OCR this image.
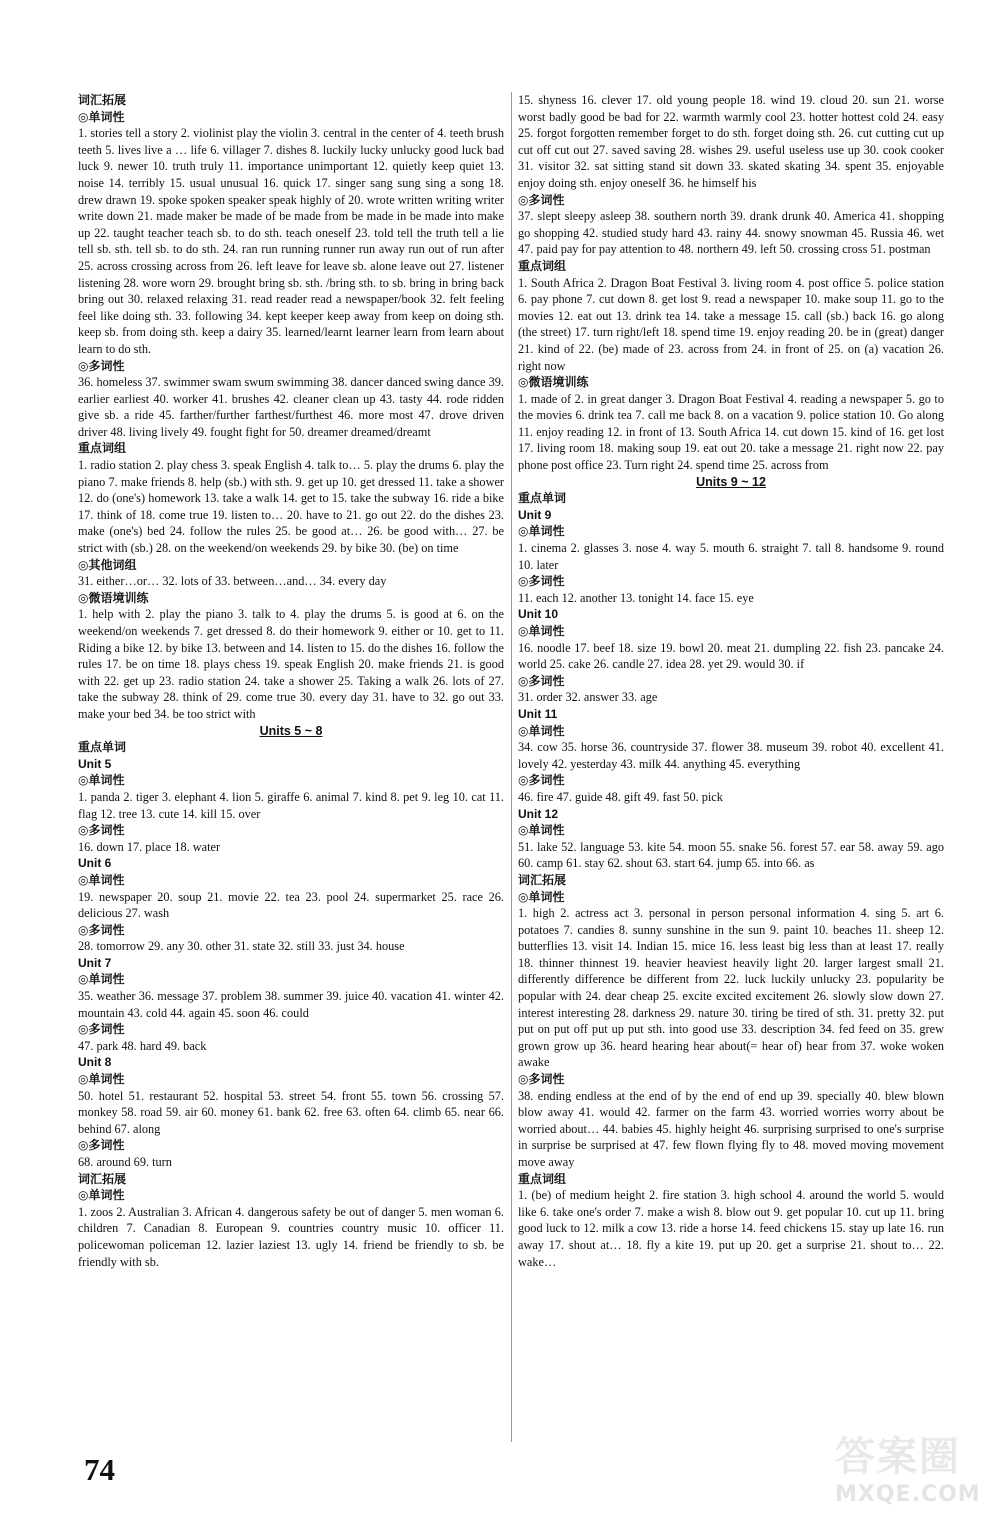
词汇拓展
◎单词性

1. stories tell a story 2. violinist play the violin 3. central in the center of 4. teeth brush teeth 5. lives live a … life 6. villager 7. dishes 8. luckily lucky unlucky good luck bad luck 9. newer 10. truth truly 11. importance unimportant 12. quietly keep quiet 13. noise 14. terribly 15. usual unusual 16. quick 17. singer sang sung sing a song 18. drew drawn 19. spoke spoken speaker speak highly of 20. wrote written writing writer write down 21. made maker be made of be made from be made in be made into make up 22. taught teacher teach sb. to do sth. teach oneself 23. told tell the truth tell a lie tell sb. sth. tell sb. to do sth. 24. ran run running runner run away run out of run after 25. across crossing across from 26. left leave for leave sb. alone leave out 27. listener listening 28. wore worn 29. brought bring sb. sth. /bring sth. to sb. bring in bring back bring out 30. relaxed relaxing 31. read reader read a newspaper/book 32. felt feeling feel like doing sth. 33. following 34. kept keeper keep away from keep on doing sth. keep sb. from doing sth. keep a dairy 35. learned/learnt learner learn from learn about learn to do sth.

◎多词性

36. homeless 37. swimmer swam swum swimming 38. dancer danced swing dance 39. earlier earliest 40. worker 41. brushes 42. cleaner clean up 43. tasty 44. rode ridden give sb. a ride 45. farther/further farthest/furthest 46. more most 47. drove driven driver 48. living lively 49. fought fight for 50. dreamer dreamed/dreamt

重点词组

1. radio station 2. play chess 3. speak English 4. talk to… 5. play the drums 6. play the piano 7. make friends 8. help (sb.) with sth. 9. get up 10. get dressed 11. take a shower 12. do (one's) homework 13. take a walk 14. get to 15. take the subway 16. ride a bike 17. think of 18. come true 19. listen to… 20. have to 21. go out 22. do the dishes 23. make (one's) bed 24. follow the rules 25. be good at… 26. be good with… 27. be strict with (sb.) 28. on the weekend/on weekends 29. by bike 30. (be) on time

◎其他词组

31. either…or… 32. lots of 33. between…and… 34. every day

◎微语境训练

1. help with 2. play the piano 3. talk to 4. play the drums 5. is good at 6. on the weekend/on weekends 7. get dressed 8. do their homework 9. either or 10. get to 11. Riding a bike 12. by bike 13. between and 14. listen to 15. do the dishes 16. follow the rules 17. be on time 18. plays chess 19. speak English 20. make friends 21. is good with 22. get up 23. radio station 24. take a shower 25. Taking a walk 26. lots of 27. take the subway 28. think of 29. come true 30. every day 31. have to 32. go out 33. make your bed 34. be too strict with

Units 5 ~ 8
重点单词
Unit 5
◎单词性

1. panda 2. tiger 3. elephant 4. lion 5. giraffe 6. animal 7. kind 8. pet 9. leg 10. cat 11. flag 12. tree 13. cute 14. kill 15. over

◎多词性

16. down 17. place 18. water

Unit 6
◎单词性

19. newspaper 20. soup 21. movie 22. tea 23. pool 24. supermarket 25. race 26. delicious 27. wash

◎多词性

28. tomorrow 29. any 30. other 31. state 32. still 33. just 34. house

Unit 7
◎单词性

35. weather 36. message 37. problem 38. summer 39. juice 40. vacation 41. winter 42. mountain 43. cold 44. again 45. soon 46. could

◎多词性

47. park 48. hard 49. back

Unit 8
◎单词性

50. hotel 51. restaurant 52. hospital 53. street 54. front 55. town 56. crossing 57. monkey 58. road 59. air 60. money 61. bank 62. free 63. often 64. climb 65. near 66. behind 67. along

◎多词性

68. around 69. turn

词汇拓展
◎单词性

1. zoos 2. Australian 3. African 4. dangerous safety be out of danger 5. men woman 6. children 7. Canadian 8. European 9. countries country music 10. officer 11. policewoman policeman 12. lazier laziest 13. ugly 14. friend be friendly to sb. be friendly with sb.

15. shyness 16. clever 17. old young people 18. wind 19. cloud 20. sun 21. worse worst badly good be bad for 22. warmth warmly cool 23. hotter hottest cold 24. easy 25. forgot forgotten remember forget to do sth. forget doing sth. 26. cut cutting cut up cut off cut out 27. saved saving 28. wishes 29. useful useless use up 30. cook cooker 31. visitor 32. sat sitting stand sit down 33. skated skating 34. spent 35. enjoyable enjoy doing sth. enjoy oneself 36. he himself his

◎多词性

37. slept sleepy asleep 38. southern north 39. drank drunk 40. America 41. shopping go shopping 42. studied study hard 43. rainy 44. snowy snowman 45. Russia 46. wet 47. paid pay for pay attention to 48. northern 49. left 50. crossing cross 51. postman

重点词组

1. South Africa 2. Dragon Boat Festival 3. living room 4. post office 5. police station 6. pay phone 7. cut down 8. get lost 9. read a newspaper 10. make soup 11. go to the movies 12. eat out 13. drink tea 14. take a message 15. call (sb.) back 16. go along (the street) 17. turn right/left 18. spend time 19. enjoy reading 20. be in (great) danger 21. kind of 22. (be) made of 23. across from 24. in front of 25. on (a) vacation 26. right now

◎微语境训练

1. made of 2. in great danger 3. Dragon Boat Festival 4. reading a newspaper 5. go to the movies 6. drink tea 7. call me back 8. on a vacation 9. police station 10. Go along 11. enjoy reading 12. in front of 13. South Africa 14. cut down 15. kind of 16. get lost 17. living room 18. making soup 19. eat out 20. take a message 21. right now 22. pay phone post office 23. Turn right 24. spend time 25. across from

Units 9 ~ 12
重点单词
Unit 9
◎单词性

1. cinema 2. glasses 3. nose 4. way 5. mouth 6. straight 7. tall 8. handsome 9. round 10. later

◎多词性

11. each 12. another 13. tonight 14. face 15. eye

Unit 10
◎单词性

16. noodle 17. beef 18. size 19. bowl 20. meat 21. dumpling 22. fish 23. pancake 24. world 25. cake 26. candle 27. idea 28. yet 29. would 30. if

◎多词性

31. order 32. answer 33. age

Unit 11
◎单词性

34. cow 35. horse 36. countryside 37. flower 38. museum 39. robot 40. excellent 41. lovely 42. yesterday 43. milk 44. anything 45. everything

◎多词性

46. fire 47. guide 48. gift 49. fast 50. pick

Unit 12
◎单词性

51. lake 52. language 53. kite 54. moon 55. snake 56. forest 57. ear 58. away 59. ago 60. camp 61. stay 62. shout 63. start 64. jump 65. into 66. as

词汇拓展
◎单词性

1. high 2. actress act 3. personal in person personal information 4. sing 5. art 6. potatoes 7. candies 8. sunny sunshine in the sun 9. paint 10. beaches 11. sheep 12. butterflies 13. visit 14. Indian 15. mice 16. less least big less than at least 17. really 18. thinner thinnest 19. heavier heaviest heavily light 20. larger largest small 21. differently difference be different from 22. luck luckily unlucky 23. popularity be popular with 24. dear cheap 25. excite excited excitement 26. slowly slow down 27. interest interesting 28. darkness 29. nature 30. tiring be tired of sth. 31. pretty 32. put put on put off put up put sth. into good use 33. description 34. fed feed on 35. grew grown grow up 36. heard hearing hear about(= hear of) hear from 37. woke woken awake

◎多词性

38. ending endless at the end of by the end of end up 39. specially 40. blew blown blow away 41. would 42. farmer on the farm 43. worried worries worry about be worried about… 44. babies 45. highly height 46. surprising surprised to one's surprise in surprise be surprised at 47. few flown flying fly to 48. moved moving movement move away

重点词组

1. (be) of medium height 2. fire station 3. high school 4. around the world 5. would like 6. take one's order 7. make a wish 8. blow out 9. get popular 10. cut up 11. bring good luck to 12. milk a cow 13. ride a horse 14. feed chickens 15. stay up late 16. run away 17. shout at… 18. fly a kite 19. put up 20. get a surprise 21. shout to… 22. wake…

74	答案圈
MXQE.COM
